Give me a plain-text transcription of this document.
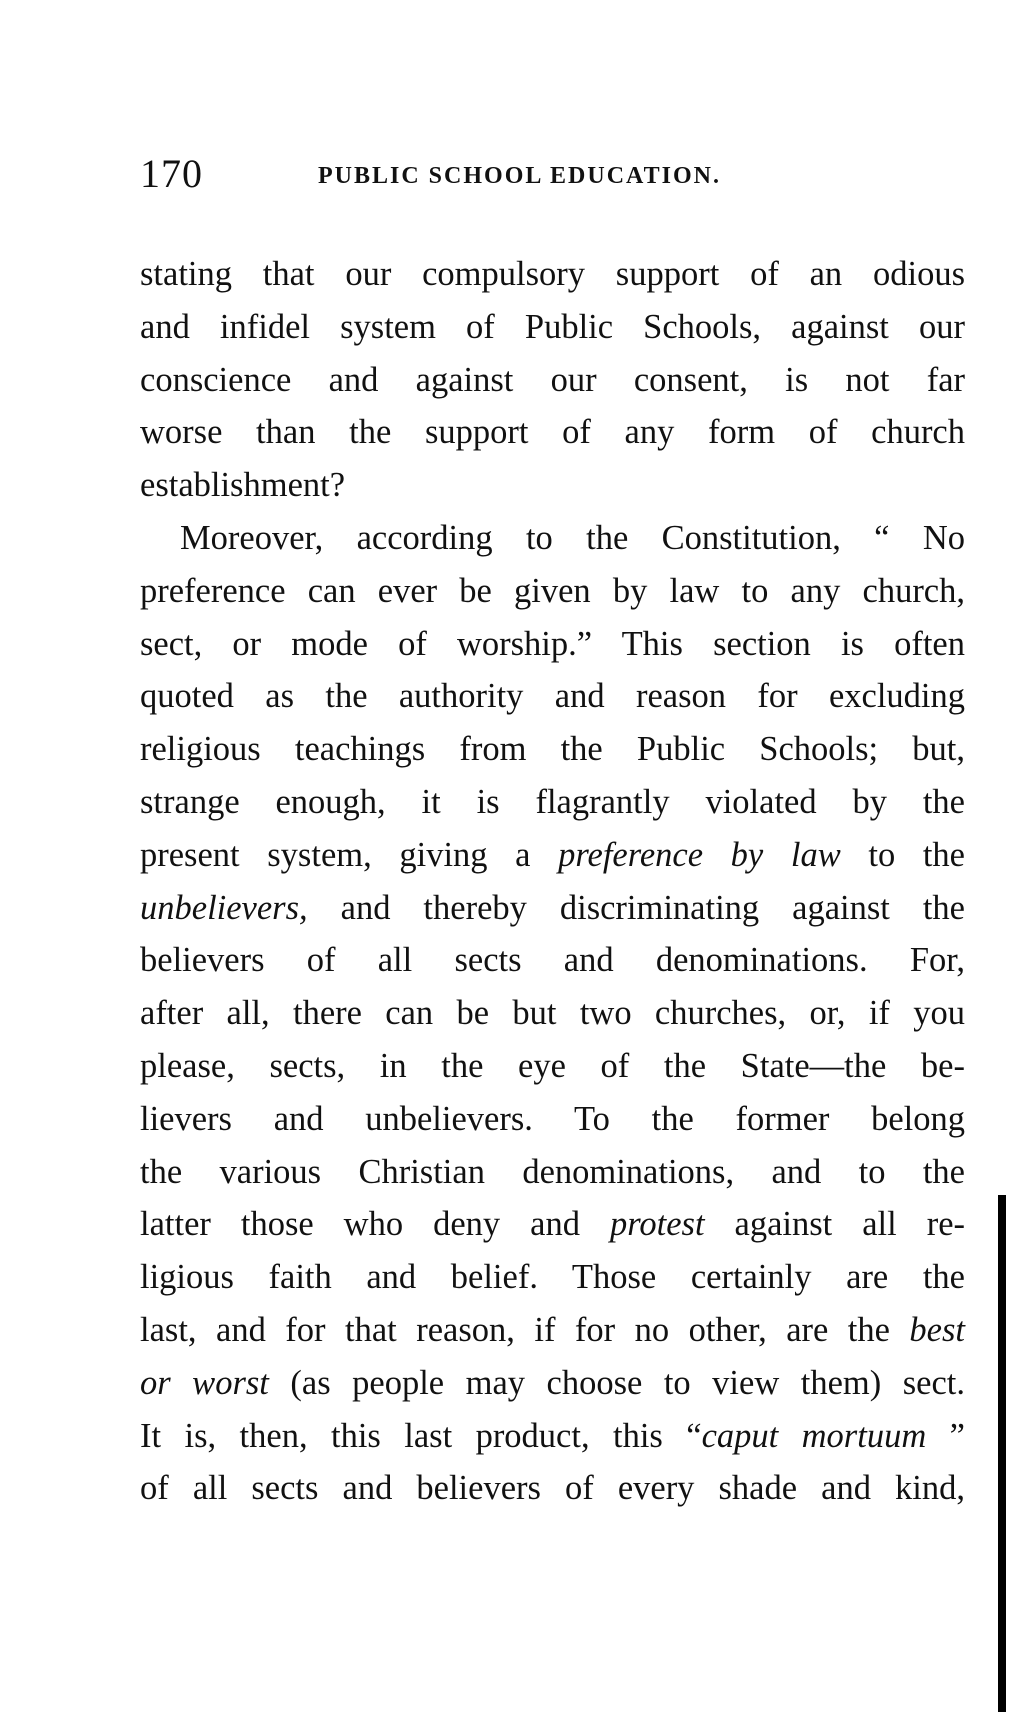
170	PUBLIC SCHOOL EDUCATION.
stating that our compulsory support of an odious
and infidel system of Public Schools, against our
conscience and against our consent, is not far
worse than the support of any form of church
establishment?
Moreover, according to the Constitution, “ No
preference can ever be given by law to any church,
sect, or mode of worship.” This section is often
quoted as the authority and reason for excluding
religious teachings from the Public Schools; but,
strange enough, it is flagrantly violated by the
present system, giving a preference by law to the
unbelievers, and thereby discriminating against the
believers of all sects and denominations. For,
after all, there can be but two churches, or, if you
please, sects, in the eye of the State—the be-
lievers and unbelievers. To the former belong
the various Christian denominations, and to the
latter those who deny and protest against all re-
ligious faith and belief. Those certainly are the
last, and for that reason, if for no other, are the best
or worst (as people may choose to view them) sect.
It is, then, this last product, this “caput mortuum ”
of all sects and believers of every shade and kind,
